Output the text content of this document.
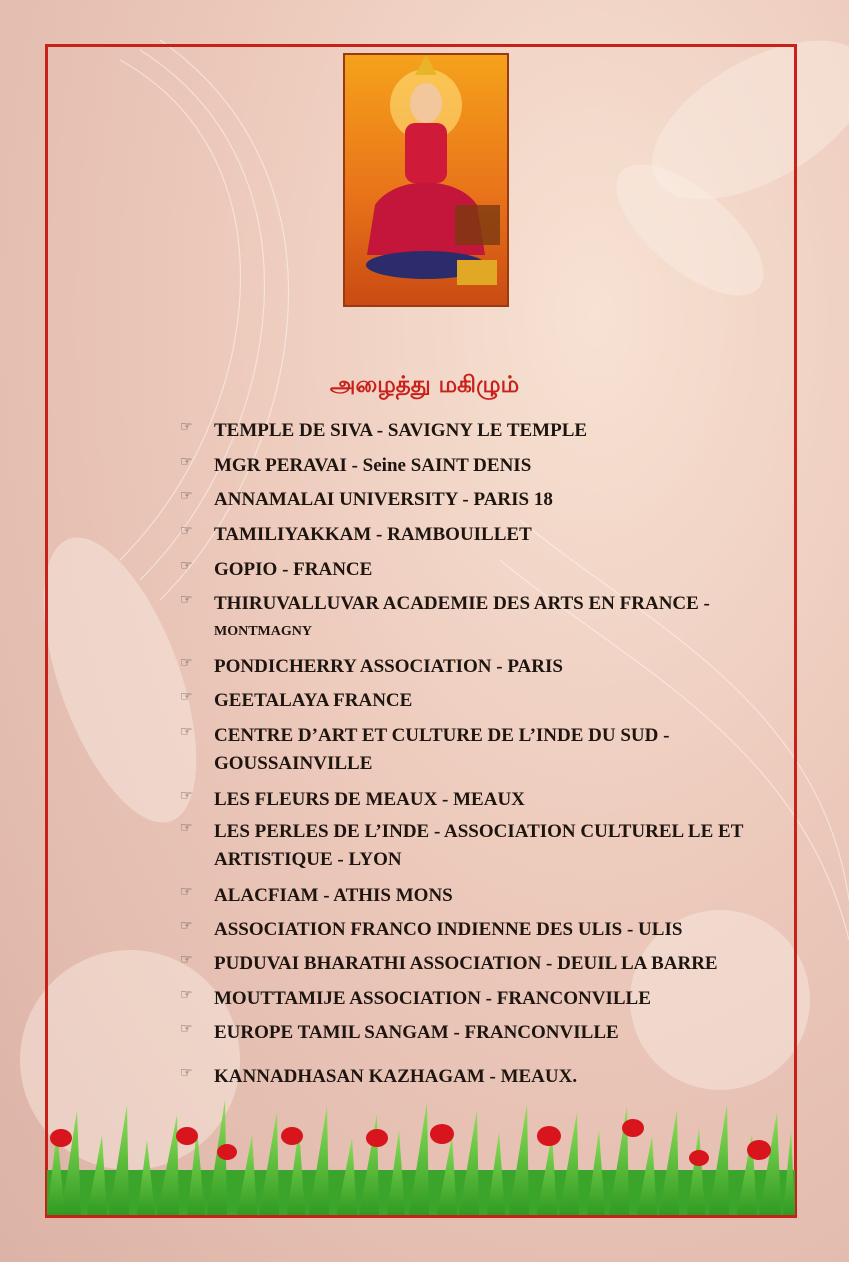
அழைத்து மகிழும்
☞ TEMPLE DE SIVA - SAVIGNY LE TEMPLE
☞ MGR PERAVAI - Seine SAINT DENIS
☞ ANNAMALAI UNIVERSITY - PARIS 18
☞ TAMILIYAKKAM - RAMBOUILLET
☞ GOPIO - FRANCE
☞ THIRUVALLUVAR ACADEMIE DES ARTS EN FRANCE -
MONTMAGNY
☞ PONDICHERRY ASSOCIATION - PARIS
☞ GEETALAYA FRANCE
☞ CENTRE D’ART ET CULTURE DE L’INDE DU SUD -
GOUSSAINVILLE
☞ LES FLEURS DE MEAUX - MEAUX
☞ LES PERLES DE L’INDE - ASSOCIATION CULTUREL LE ET
ARTISTIQUE - LYON
☞ ALACFIAM - ATHIS MONS
☞ ASSOCIATION FRANCO INDIENNE DES ULIS - ULIS
☞ PUDUVAI BHARATHI ASSOCIATION - DEUIL LA BARRE
☞ MOUTTAMIJE ASSOCIATION - FRANCONVILLE
☞ EUROPE TAMIL SANGAM - FRANCONVILLE
☞ KANNADHASAN KAZHAGAM - MEAUX.
